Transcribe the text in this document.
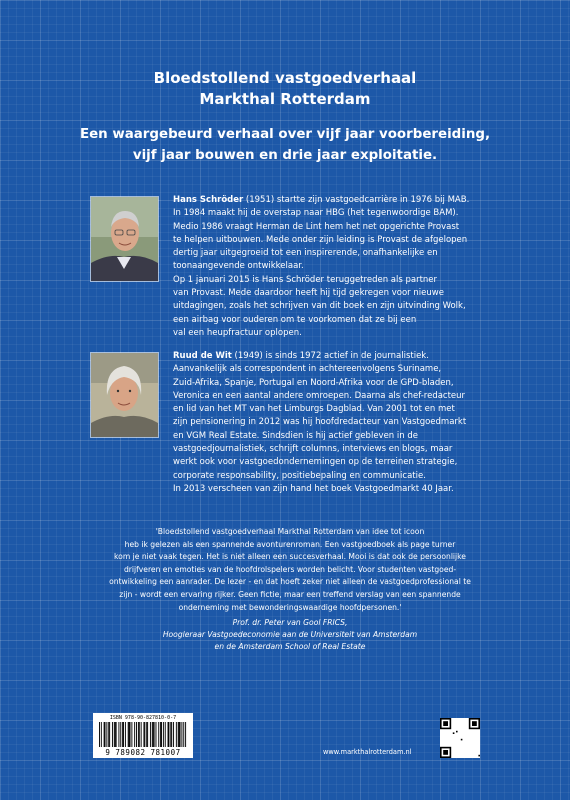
Bloedstollend vastgoedverhaal
Markthal Rotterdam
Een waargebeurd verhaal over vijf jaar voorbereiding,
vijf jaar bouwen en drie jaar exploitatie.
Hans Schröder (1951) startte zijn vastgoedcarrière in 1976 bij MAB.
In 1984 maakt hij de overstap naar HBG (het tegenwoordige BAM).
Medio 1986 vraagt Herman de Lint hem het net opgerichte Provast
te helpen uitbouwen. Mede onder zijn leiding is Provast de afgelopen
dertig jaar uitgegroeid tot een inspirerende, onafhankelijke en
toonaangevende ontwikkelaar.
Op 1 januari 2015 is Hans Schröder teruggetreden als partner
van Provast. Mede daardoor heeft hij tijd gekregen voor nieuwe
uitdagingen, zoals het schrijven van dit boek en zijn uitvinding Wolk,
een airbag voor ouderen om te voorkomen dat ze bij een
val een heupfractuur oplopen.
Ruud de Wit (1949) is sinds 1972 actief in de journalistiek.
Aanvankelijk als correspondent in achtereenvolgens Suriname,
Zuid-Afrika, Spanje, Portugal en Noord-Afrika voor de GPD-bladen,
Veronica en een aantal andere omroepen. Daarna als chef-redacteur
en lid van het MT van het Limburgs Dagblad. Van 2001 tot en met
zijn pensionering in 2012 was hij hoofdredacteur van Vastgoedmarkt
en VGM Real Estate. Sindsdien is hij actief gebleven in de
vastgoedjournalistiek, schrijft columns, interviews en blogs, maar
werkt ook voor vastgoedondernemingen op de terreinen strategie,
corporate responsability, positiebepaling en communicatie.
In 2013 verscheen van zijn hand het boek Vastgoedmarkt 40 Jaar.
'Bloedstollend vastgoedverhaal Markthal Rotterdam van idee tot icoon
heb ik gelezen als een spannende avonturenroman. Een vastgoedboek als page turner
kom je niet vaak tegen. Het is niet alleen een succesverhaal. Mooi is dat ook de persoonlijke
drijfveren en emoties van de hoofdrolspelers worden belicht. Voor studenten vastgoed-
ontwikkeling een aanrader. De lezer - en dat hoeft zeker niet alleen de vastgoedprofessional te
zijn - wordt een ervaring rijker. Geen fictie, maar een treffend verslag van een spannende
onderneming met bewonderingswaardige hoofdpersonen.'
Prof. dr. Peter van Gool FRICS,
Hoogleraar Vastgoedeconomie aan de Universiteit van Amsterdam
en de Amsterdam School of Real Estate
ISBN 978-90-827810-0-7
9 789082 781007	www.markthalrotterdam.nl
